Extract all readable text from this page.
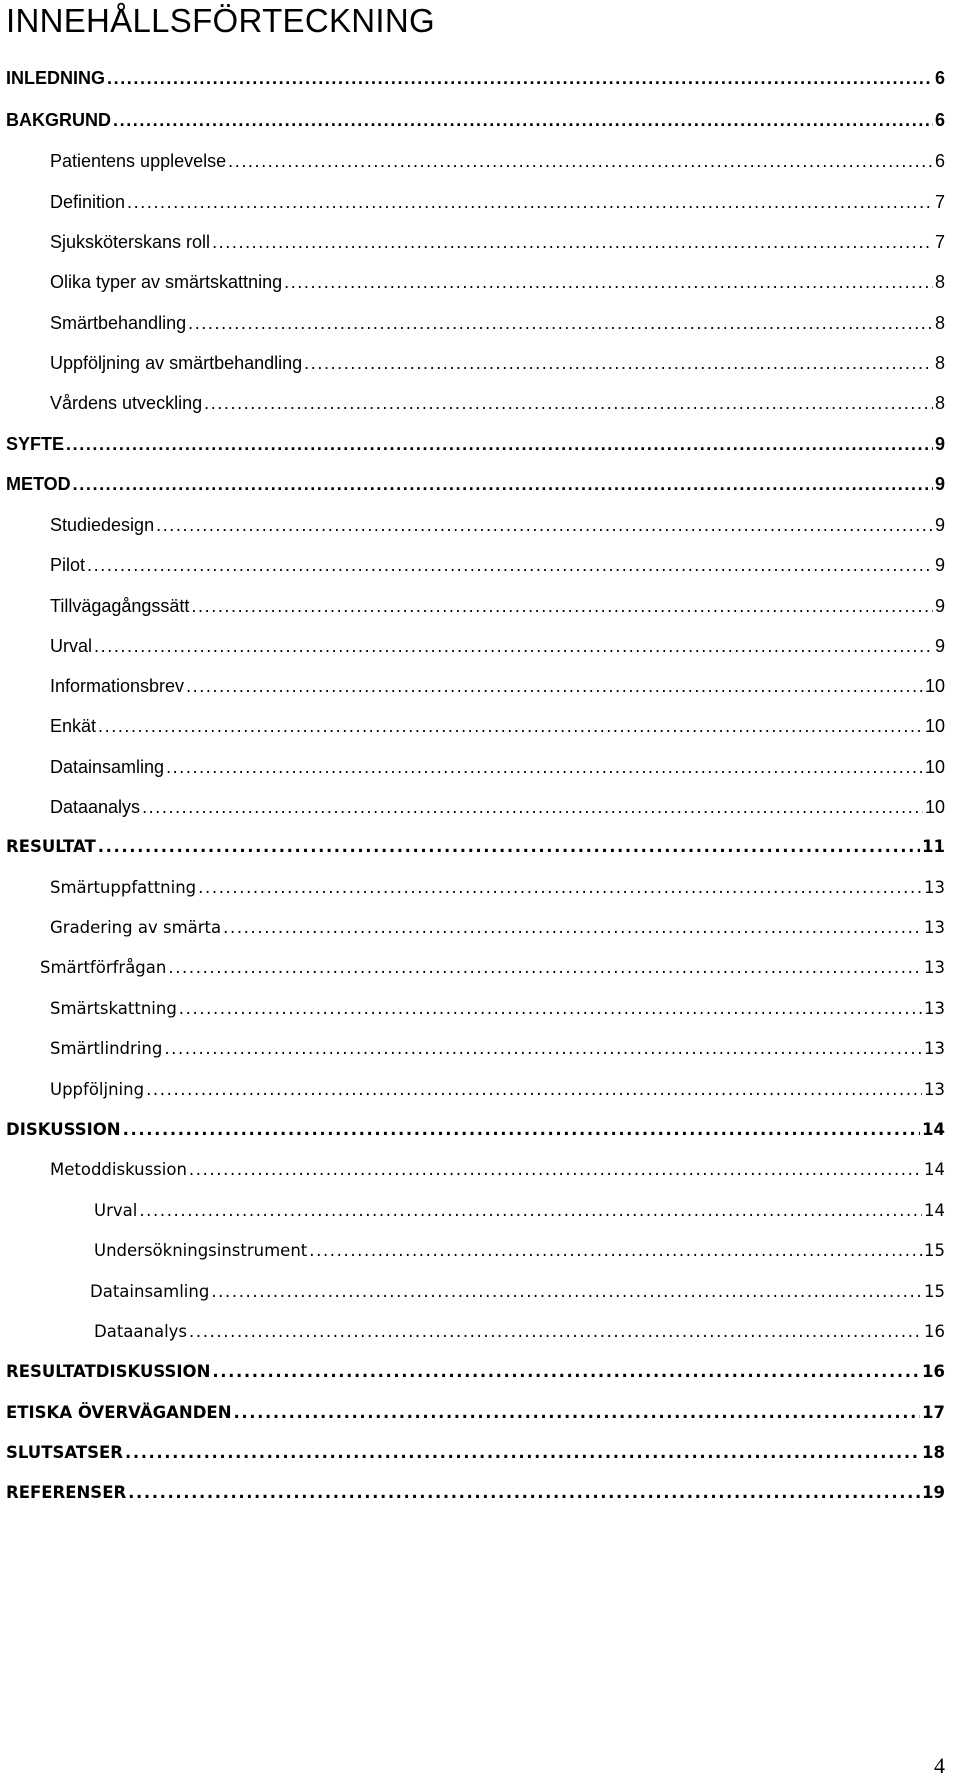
INNEHÅLLSFÖRTECKNING
INLEDNING .....	6
BAKGRUND .....	6
Patientens upplevelse .....	6
Definition .....	7
Sjuksköterskans roll .....	7
Olika typer av smärtskattning .....	8
Smärtbehandling .....	8
Uppföljning av smärtbehandling .....	8
Vårdens utveckling .....	8
SYFTE .....	9
METOD .....	9
Studiedesign .....	9
Pilot .....	9
Tillvägagångssätt .....	9
Urval .....	9
Informationsbrev .....	10
Enkät .....	10
Datainsamling .....	10
Dataanalys .....	10
RESULTAT .....	11
Smärtuppfattning .....	13
Gradering av smärta .....	13
Smärtförfrågan .....	13
Smärtskattning .....	13
Smärtlindring .....	13
Uppföljning .....	13
DISKUSSION .....	14
Metoddiskussion .....	14
Urval .....	14
Undersökningsinstrument .....	15
Datainsamling .....	15
Dataanalys .....	16
RESULTATDISKUSSION .....	16
ETISKA ÖVERVÄGANDEN .....	17
SLUTSATSER .....	18
REFERENSER .....	19
4
